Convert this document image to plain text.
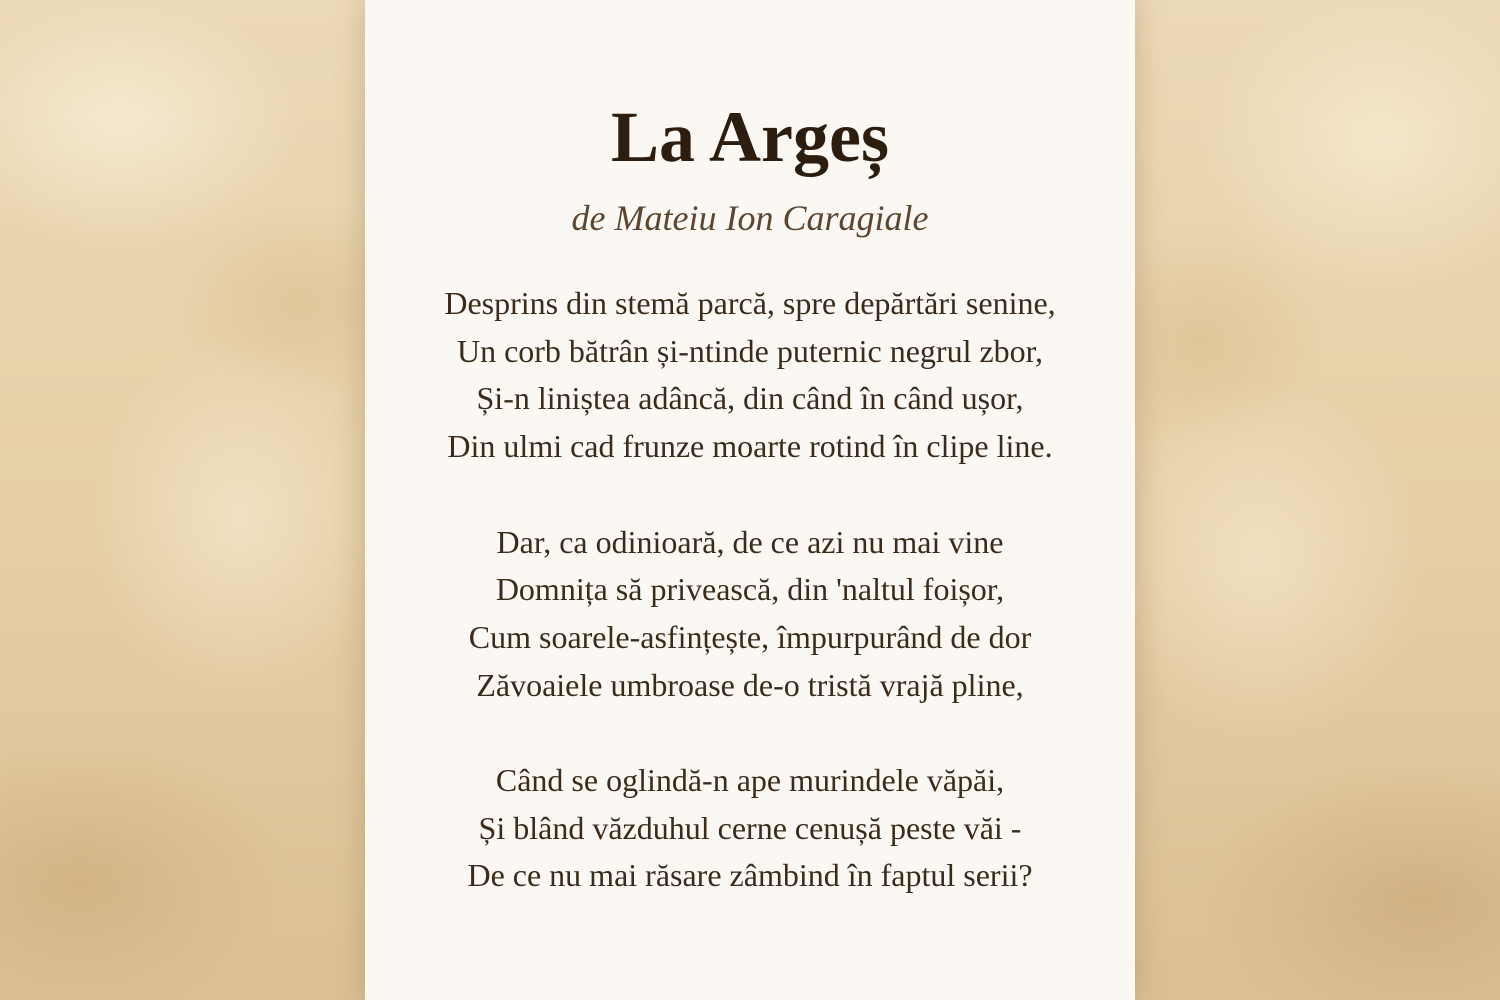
La Argeș

de Mateiu Ion Caragiale

Desprins din stemă parcă, spre depărtări senine,
Un corb bătrân și-ntinde puternic negrul zbor,
Și-n liniștea adâncă, din când în când ușor,
Din ulmi cad frunze moarte rotind în clipe line.

Dar, ca odinioară, de ce azi nu mai vine
Domnița să privească, din 'naltul foișor,
Cum soarele-asfințește, împurpurând de dor
Zăvoaiele umbroase de-o tristă vrajă pline,

Când se oglindă-n ape murindele văpăi,
Și blând văzduhul cerne cenușă peste văi -
De ce nu mai răsare zâmbind în faptul serii?
